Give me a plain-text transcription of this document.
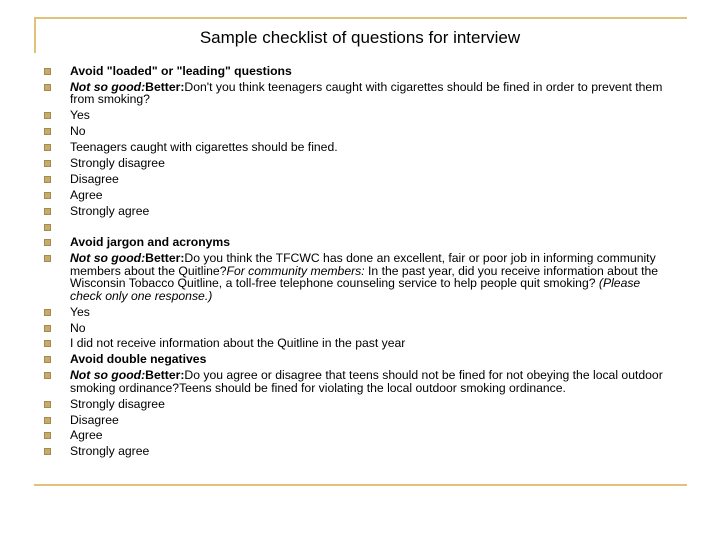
Sample checklist of questions for interview
Avoid "loaded" or "leading" questions
Not so good:Better:Don't you think teenagers caught with cigarettes should be fined in order to prevent them from smoking?
Yes
No
Teenagers caught with cigarettes should be fined.
Strongly disagree
Disagree
Agree
Strongly agree
Avoid jargon and acronyms
Not so good:Better:Do you think the TFCWC has done an excellent, fair or poor job in informing community members about the Quitline?For community members: In the past year, did you receive information about the Wisconsin Tobacco Quitline, a toll-free telephone counseling service to help people quit smoking? (Please check only one response.)
Yes
No
I did not receive information about the Quitline in the past year
Avoid double negatives
Not so good:Better:Do you agree or disagree that teens should not be fined for not obeying the local outdoor smoking ordinance?Teens should be fined for violating the local outdoor smoking ordinance.
Strongly disagree
Disagree
Agree
Strongly agree
